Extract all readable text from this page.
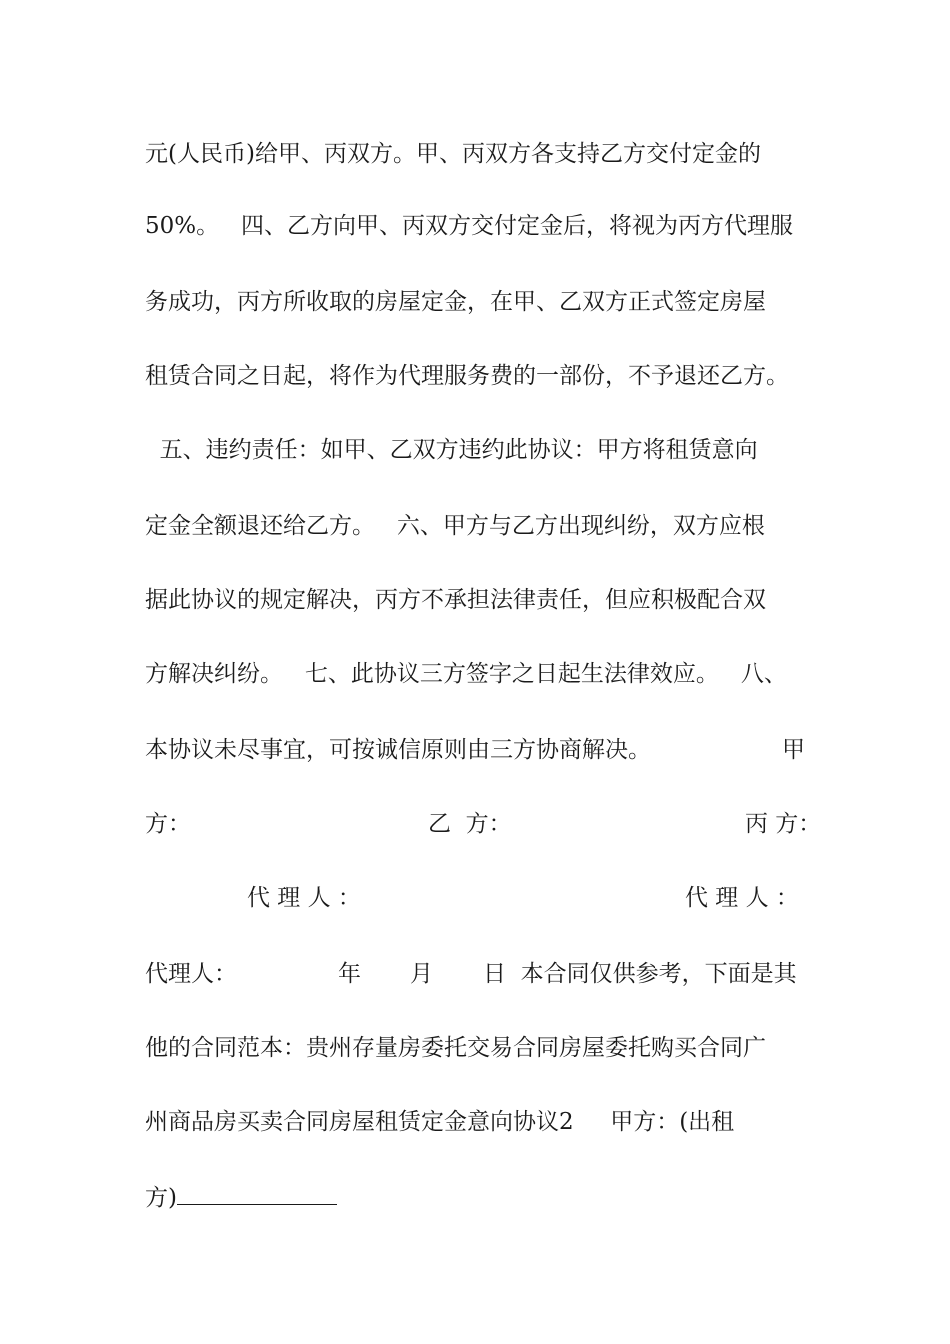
元(人民币)给甲、丙双方。甲、丙双方各支持乙方交付定金的

50%。   四、乙方向甲、丙双方交付定金后，将视为丙方代理服

务成功，丙方所收取的房屋定金，在甲、乙双方正式签定房屋

租赁合同之日起，将作为代理服务费的一部份，不予退还乙方。

五、违约责任：如甲、乙双方违约此协议：甲方将租赁意向

定金全额退还给乙方。   六、甲方与乙方出现纠纷，双方应根

据此协议的规定解决，丙方不承担法律责任，但应积极配合双

方解决纠纷。   七、此协议三方签字之日起生法律效应。   八、

本协议未尽事宜，可按诚信原则由三方协商解决。

	甲

方：

	乙  方：

	丙 方：

代 理 人 ：

	代 理 人 ：

代理人：

	年

月

日  本合同仅供参考，下面是其

他的合同范本：贵州存量房委托交易合同房屋委托购买合同广

州商品房买卖合同房屋租赁定金意向协议2     甲方：(出租

方)
